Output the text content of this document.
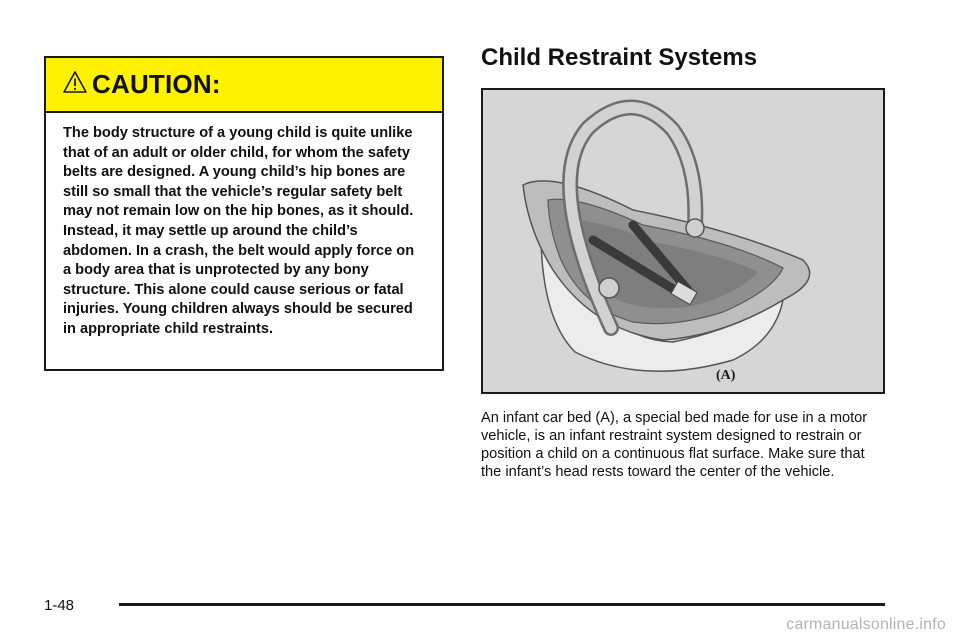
CAUTION:

The body structure of a young child is quite unlike that of an adult or older child, for whom the safety belts are designed. A young child’s hip bones are still so small that the vehicle’s regular safety belt may not remain low on the hip bones, as it should. Instead, it may settle up around the child’s abdomen. In a crash, the belt would apply force on a body area that is unprotected by any bony structure. This alone could cause serious or fatal injuries. Young children always should be secured in appropriate child restraints.

Child Restraint Systems
(A)

An infant car bed (A), a special bed made for use in a motor vehicle, is an infant restraint system designed to restrain or position a child on a continuous flat surface. Make sure that the infant’s head rests toward the center of the vehicle.

1-48
carmanualsonline.info
